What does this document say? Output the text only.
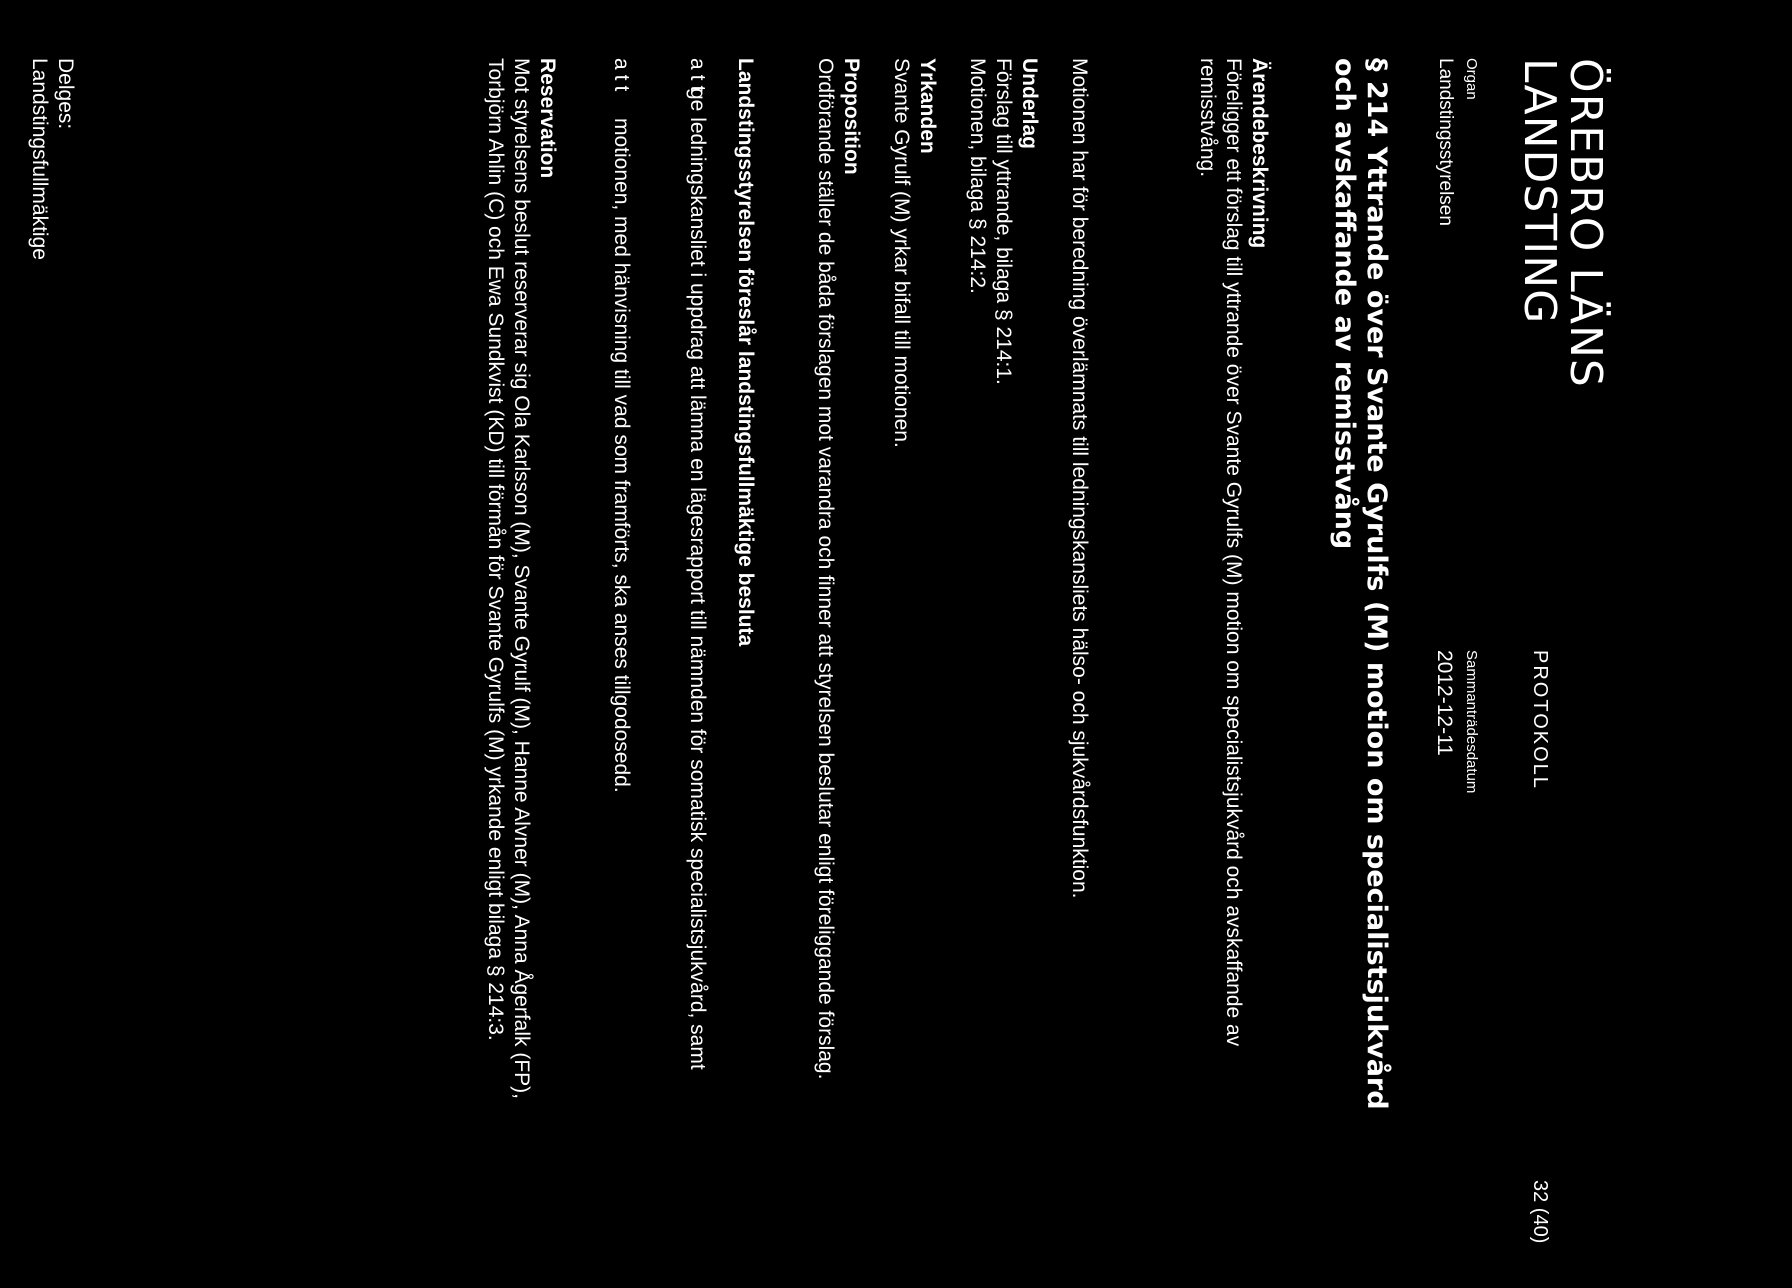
ÖREBRO LÄNS
LANDSTING
PROTOKOLL
32 (40)
Organ
Landstingsstyrelsen
Sammanträdesdatum
2012-12-11
§ 214 Yttrande över Svante Gyrulfs (M) motion om specialistsjukvård
och avskaffande av remisstvång
Ärendebeskrivning
Föreligger ett förslag till yttrande över Svante Gyrulfs (M) motion om specialistsjukvård och avskaffande av remisstvång.
Motionen har för beredning överlämnats till ledningskansliets hälso- och sjukvårdsfunktion.
Underlag
Förslag till yttrande, bilaga § 214:1.
Motionen, bilaga § 214:2.
Yrkanden
Svante Gyrulf (M) yrkar bifall till motionen.
Proposition
Ordförande ställer de båda förslagen mot varandra och finner att styrelsen beslutar enligt föreliggande förslag.
Landstingsstyrelsen föreslår landstingsfullmäktige besluta
att
ge ledningskansliet i uppdrag att lämna en lägesrapport till nämnden för somatisk specialistsjukvård, samt
att
motionen, med hänvisning till vad som framförts, ska anses tillgodosedd.
Reservation
Mot styrelsens beslut reserverar sig Ola Karlsson (M), Svante Gyrulf (M), Hanne Alvner (M), Anna Ågerfalk (FP), Torbjörn Ahlin (C) och Ewa Sundkvist (KD) till förmån för Svante Gyrulfs (M) yrkande enligt bilaga § 214:3.
Delges:
Landstingsfullmäktige
